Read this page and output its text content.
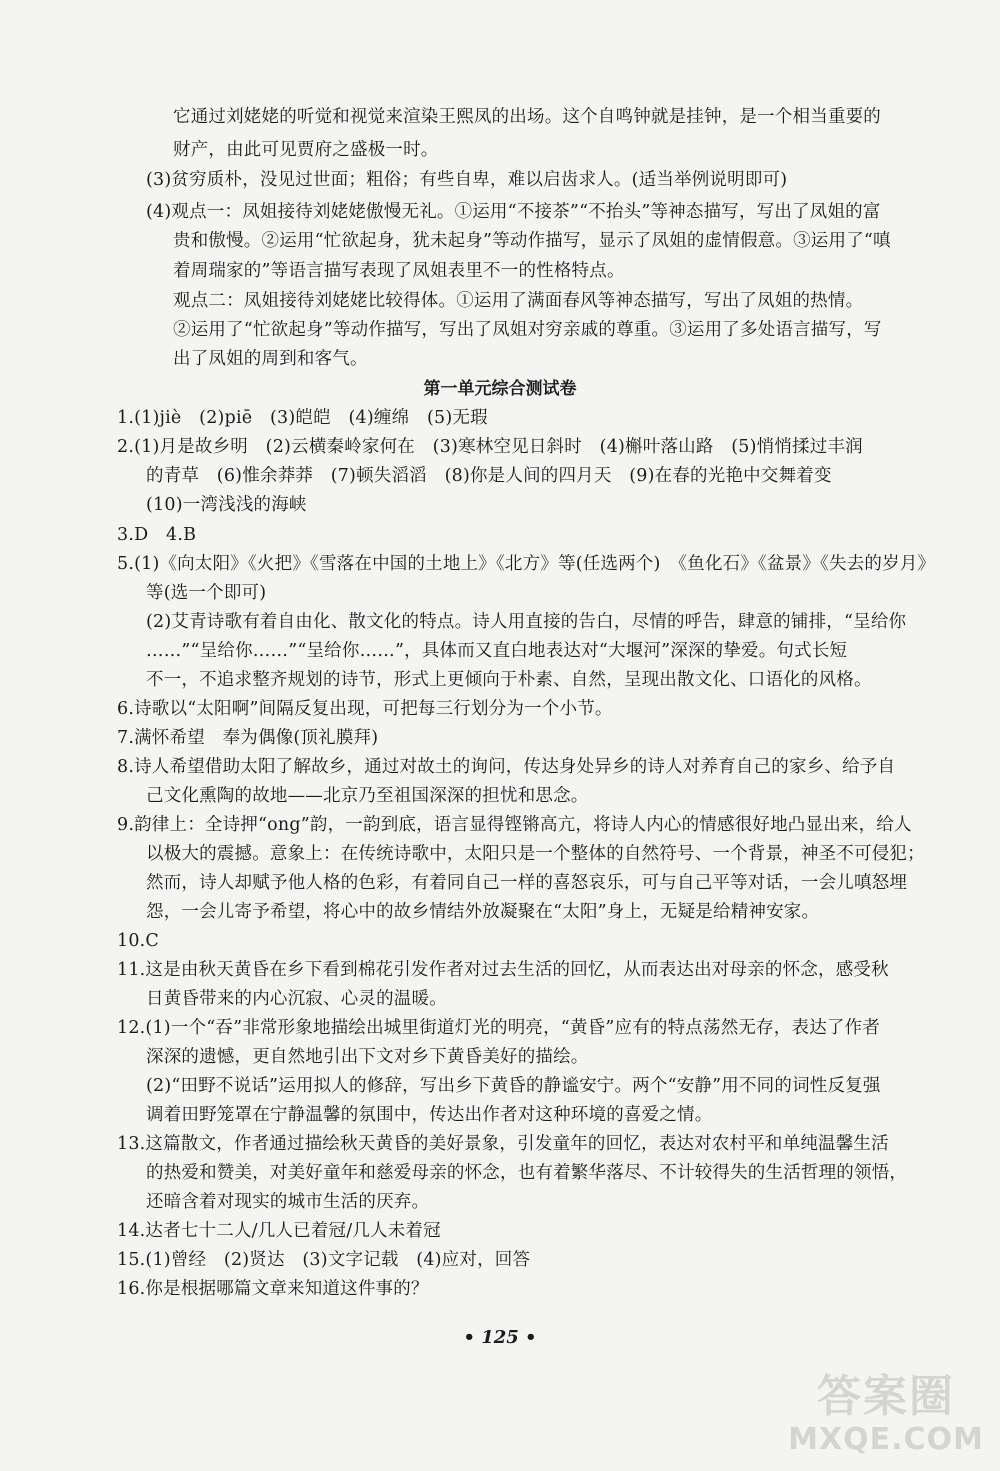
它通过刘姥姥的听觉和视觉来渲染王熙凤的出场。这个自鸣钟就是挂钟，是一个相当重要的
财产，由此可见贾府之盛极一时。
(3)贫穷质朴，没见过世面；粗俗；有些自卑，难以启齿求人。(适当举例说明即可)
(4)观点一：凤姐接待刘姥姥傲慢无礼。①运用“不接茶”“不抬头”等神态描写，写出了凤姐的富
贵和傲慢。②运用“忙欲起身，犹未起身”等动作描写，显示了凤姐的虚情假意。③运用了“嗔
着周瑞家的”等语言描写表现了凤姐表里不一的性格特点。
观点二：凤姐接待刘姥姥比较得体。①运用了满面春风等神态描写，写出了凤姐的热情。
②运用了“忙欲起身”等动作描写，写出了凤姐对穷亲戚的尊重。③运用了多处语言描写，写
出了凤姐的周到和客气。
第一单元综合测试卷
1.(1)jiè　(2)piē　(3)皑皑　(4)缠绵　(5)无瑕
2.(1)月是故乡明　(2)云横秦岭家何在　(3)寒林空见日斜时　(4)槲叶落山路　(5)悄悄揉过丰润
的青草　(6)惟余莽莽　(7)顿失滔滔　(8)你是人间的四月天　(9)在春的光艳中交舞着变
(10)一湾浅浅的海峡
3.D　4.B
5.(1)《向太阳》《火把》《雪落在中国的土地上》《北方》等(任选两个)　《鱼化石》《盆景》《失去的岁月》
等(选一个即可)
(2)艾青诗歌有着自由化、散文化的特点。诗人用直接的告白，尽情的呼告，肆意的铺排，“呈给你
……”“呈给你……”“呈给你……”，具体而又直白地表达对“大堰河”深深的挚爱。句式长短
不一，不追求整齐规划的诗节，形式上更倾向于朴素、自然，呈现出散文化、口语化的风格。
6.诗歌以“太阳啊”间隔反复出现，可把每三行划分为一个小节。
7.满怀希望　奉为偶像(顶礼膜拜)
8.诗人希望借助太阳了解故乡，通过对故土的询问，传达身处异乡的诗人对养育自己的家乡、给予自
己文化熏陶的故地——北京乃至祖国深深的担忧和思念。
9.韵律上：全诗押“ong”韵，一韵到底，语言显得铿锵高亢，将诗人内心的情感很好地凸显出来，给人
以极大的震撼。意象上：在传统诗歌中，太阳只是一个整体的自然符号、一个背景，神圣不可侵犯；
然而，诗人却赋予他人格的色彩，有着同自己一样的喜怒哀乐，可与自己平等对话，一会儿嗔怒埋
怨，一会儿寄予希望，将心中的故乡情结外放凝聚在“太阳”身上，无疑是给精神安家。
10.C
11.这是由秋天黄昏在乡下看到棉花引发作者对过去生活的回忆，从而表达出对母亲的怀念，感受秋
日黄昏带来的内心沉寂、心灵的温暖。
12.(1)一个“吞”非常形象地描绘出城里街道灯光的明亮，“黄昏”应有的特点荡然无存，表达了作者
深深的遗憾，更自然地引出下文对乡下黄昏美好的描绘。
(2)“田野不说话”运用拟人的修辞，写出乡下黄昏的静谧安宁。两个“安静”用不同的词性反复强
调着田野笼罩在宁静温馨的氛围中，传达出作者对这种环境的喜爱之情。
13.这篇散文，作者通过描绘秋天黄昏的美好景象，引发童年的回忆，表达对农村平和单纯温馨生活
的热爱和赞美，对美好童年和慈爱母亲的怀念，也有着繁华落尽、不计较得失的生活哲理的领悟，
还暗含着对现实的城市生活的厌弃。
14.达者七十二人/几人已着冠/几人未着冠
15.(1)曾经　(2)贤达　(3)文字记载　(4)应对，回答
16.你是根据哪篇文章来知道这件事的？
• 125 •
答案圈
MXQE.COM
